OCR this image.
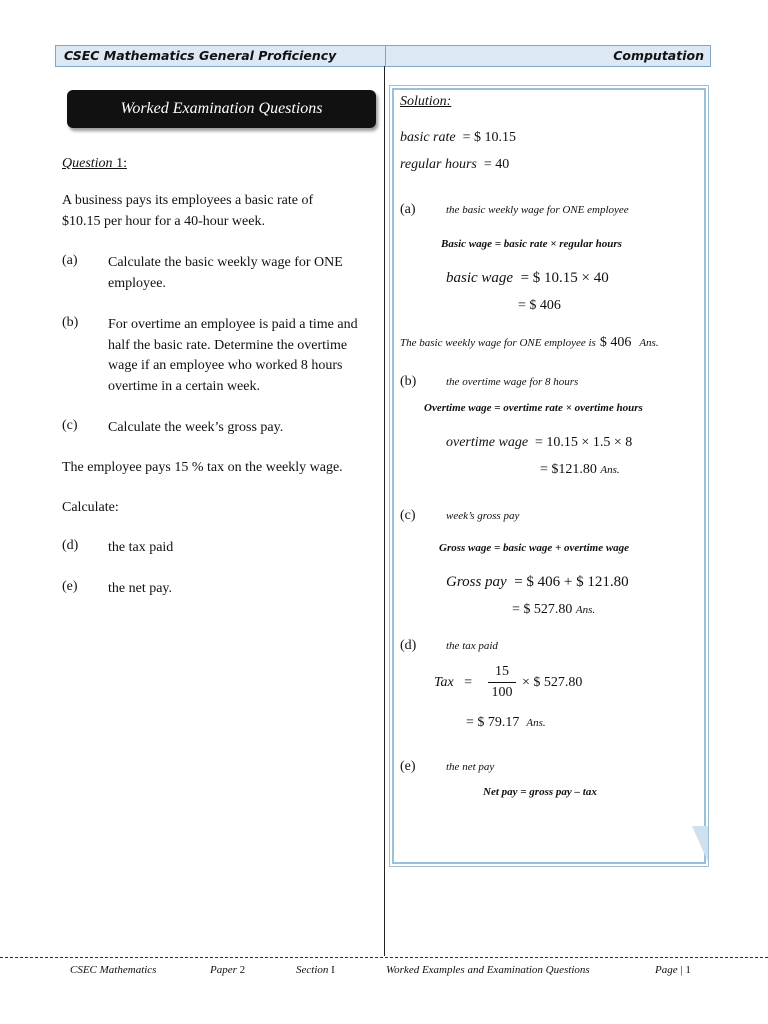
CSEC Mathematics General Proficiency	Computation
Worked Examination Questions
Question 1:
A business pays its employees a basic rate of
$10.15 per hour for a 40-hour week.
(a) Calculate the basic weekly wage for ONE
employee.
(b) For overtime an employee is paid a time and
half the basic rate. Determine the overtime
wage if an employee who worked 8 hours
overtime in a certain week.
(c) Calculate the week’s gross pay.
The employee pays 15 % tax on the weekly wage.
Calculate:
(d) the tax paid
(e) the net pay.
Solution:
basic rate = $ 10.15
regular hours = 40
(a)	the basic weekly wage for ONE employee
Basic wage = basic rate × regular hours
basic wage = $ 10.15 × 40
= $ 406
The basic weekly wage for ONE employee is $ 406 Ans.
(b)	the overtime wage for 8 hours
Overtime wage = overtime rate × overtime hours
overtime wage = 10.15 × 1.5 × 8
= $121.80 Ans.
(c)	week’s gross pay
Gross wage = basic wage + overtime wage
Gross pay = $ 406 + $ 121.80
= $ 527.80 Ans.
(d)	the tax paid
Tax =
15
100
× $ 527.80
= $ 79.17 Ans.
(e)	the net pay
Net pay = gross pay – tax
CSEC Mathematics	Paper 2	Section I	Worked Examples and Examination Questions	Page | 1
